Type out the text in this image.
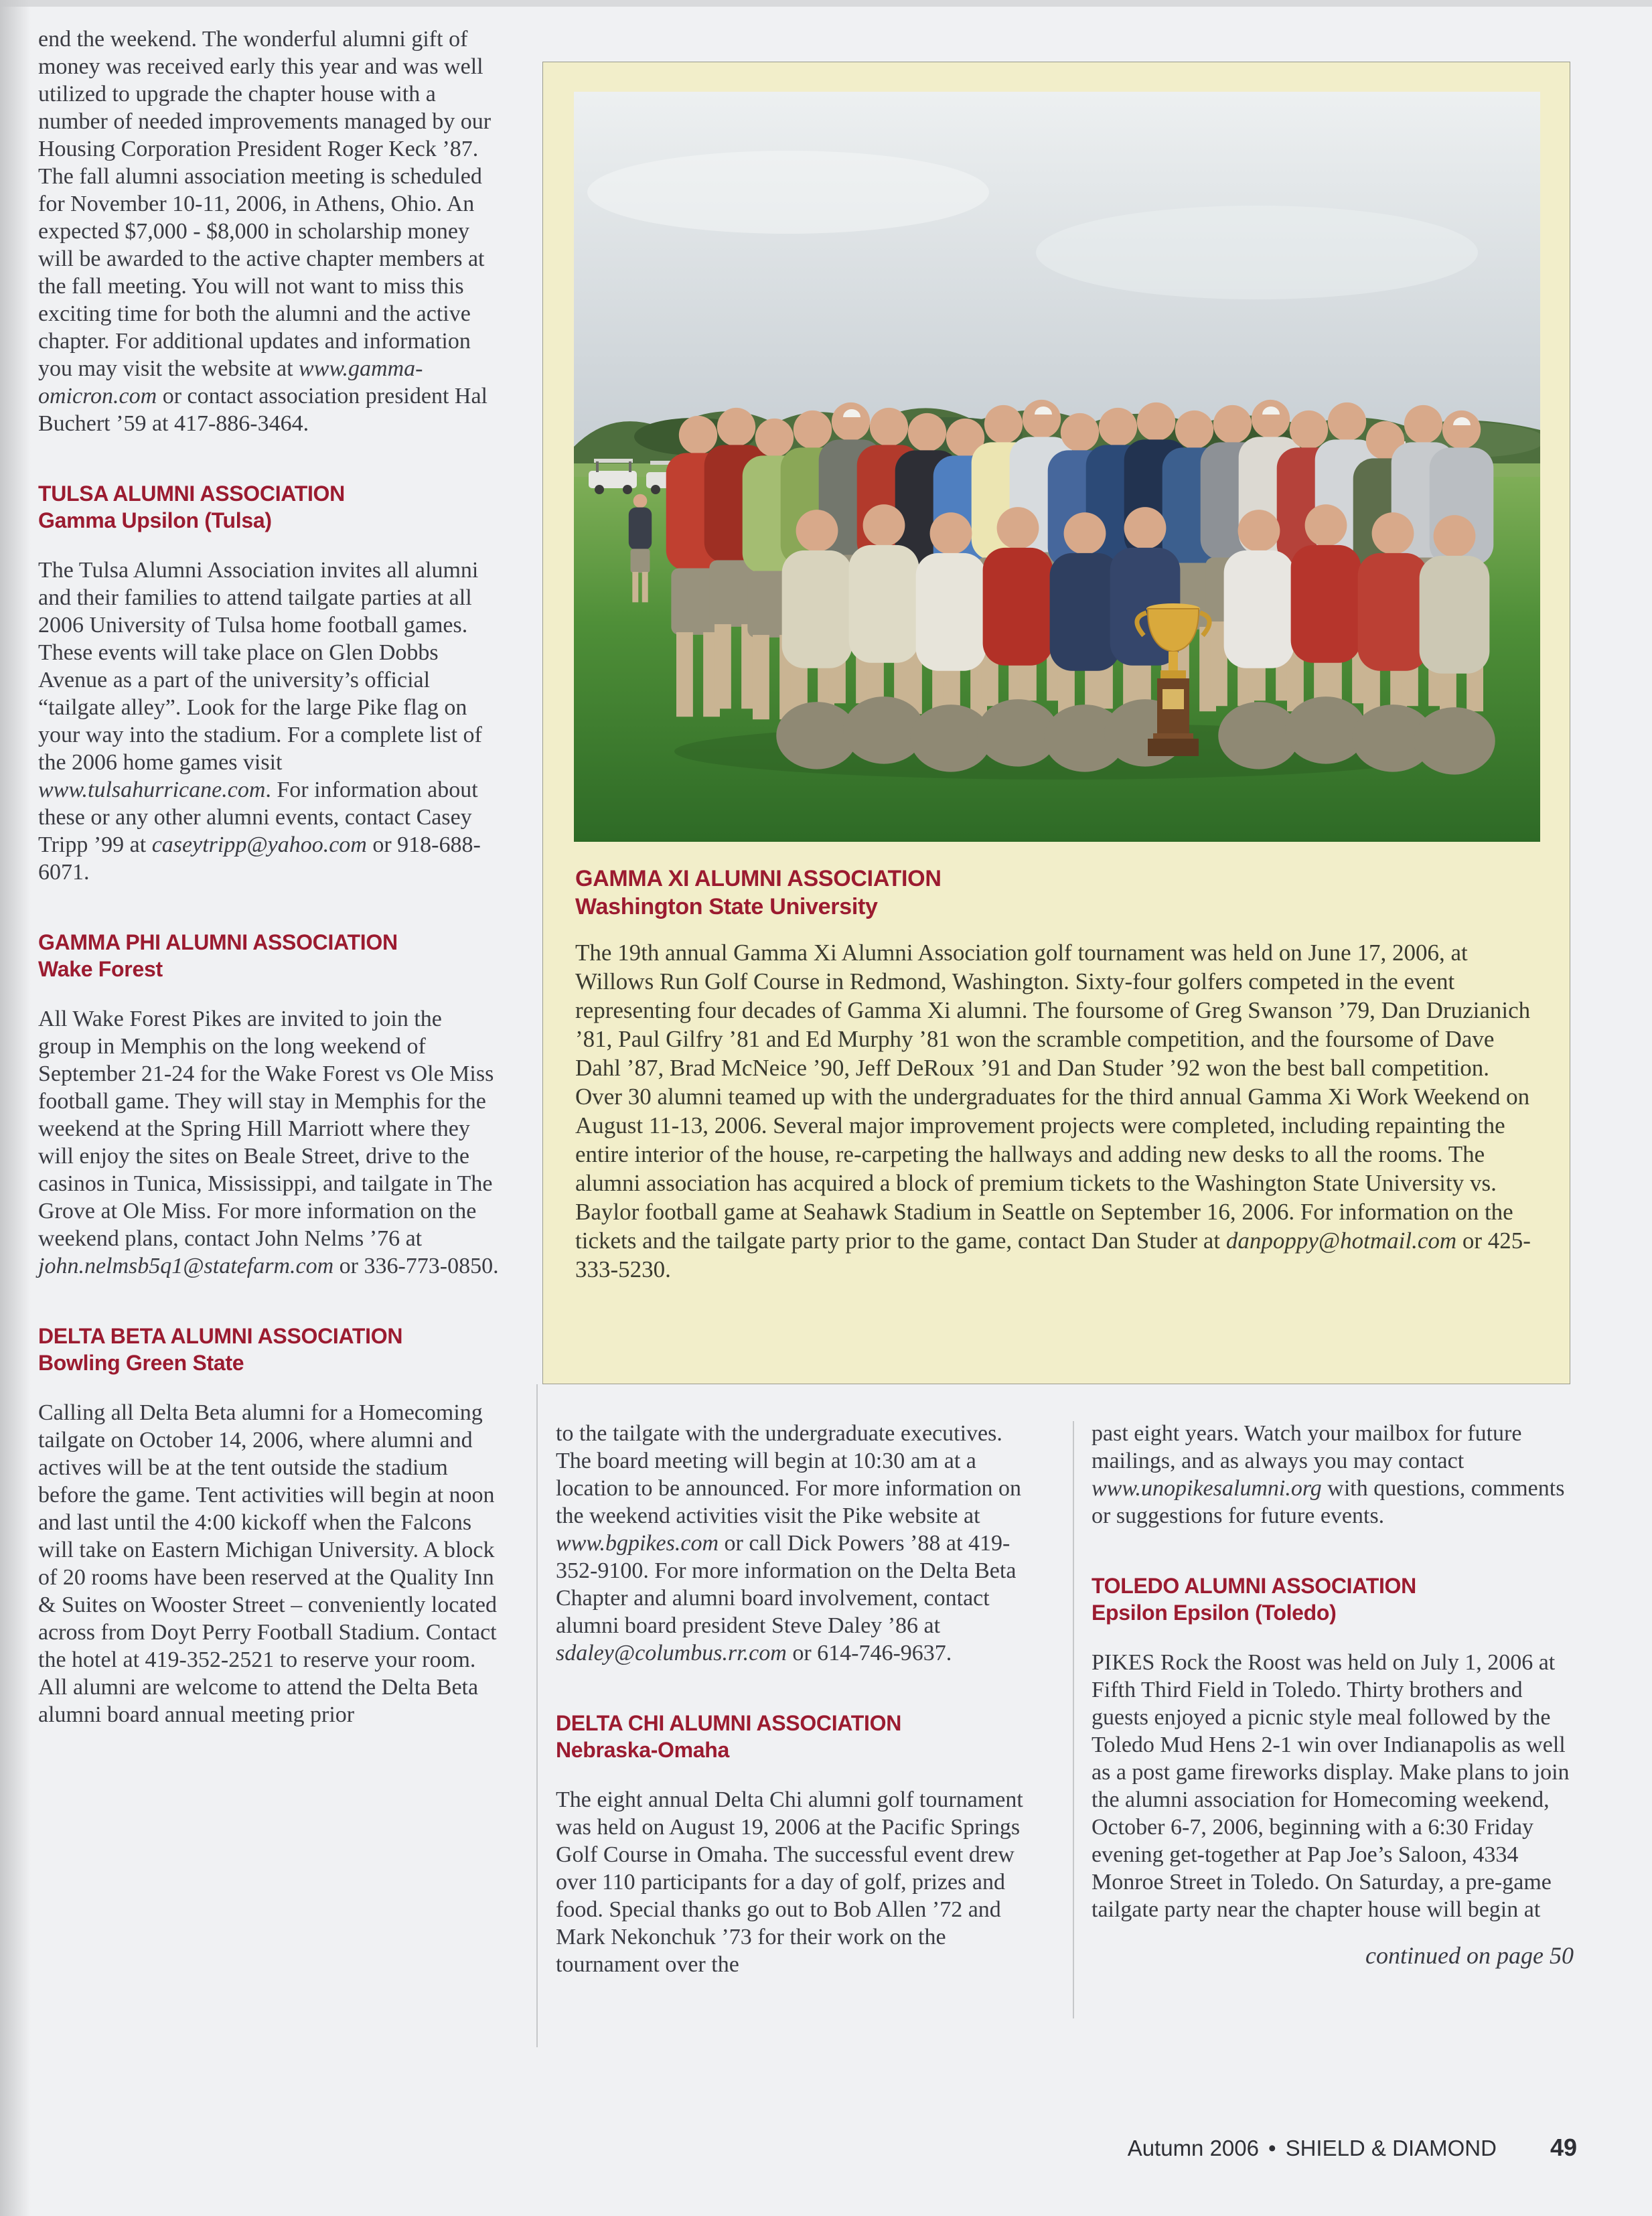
end the weekend. The wonderful alumni gift of money was received early this year and was well utilized to upgrade the chapter house with a number of needed improvements managed by our Housing Corporation President Roger Keck ’87. The fall alumni association meeting is scheduled for November 10-11, 2006, in Athens, Ohio. An expected $7,000 - $8,000 in scholarship money will be awarded to the active chapter members at the fall meeting. You will not want to miss this exciting time for both the alumni and the active chapter. For additional updates and information you may visit the website at www.gamma-omicron.com or contact association president Hal Buchert ’59 at 417-886-3464.

TULSA ALUMNI ASSOCIATION
Gamma Upsilon (Tulsa)

The Tulsa Alumni Association invites all alumni and their families to attend tailgate parties at all 2006 University of Tulsa home football games. These events will take place on Glen Dobbs Avenue as a part of the university’s official “tailgate alley”. Look for the large Pike flag on your way into the stadium. For a complete list of the 2006 home games visit www.tulsahurricane.com. For information about these or any other alumni events, contact Casey Tripp ’99 at caseytripp@yahoo.com or 918-688-6071.

GAMMA PHI ALUMNI ASSOCIATION
Wake Forest

All Wake Forest Pikes are invited to join the group in Memphis on the long weekend of September 21-24 for the Wake Forest vs Ole Miss football game. They will stay in Memphis for the weekend at the Spring Hill Marriott where they will enjoy the sites on Beale Street, drive to the casinos in Tunica, Mississippi, and tailgate in The Grove at Ole Miss. For more information on the weekend plans, contact John Nelms ’76 at john.nelmsb5q1@statefarm.com or 336-773-0850.

DELTA BETA ALUMNI ASSOCIATION
Bowling Green State

Calling all Delta Beta alumni for a Homecoming tailgate on October 14, 2006, where alumni and actives will be at the tent outside the stadium before the game. Tent activities will begin at noon and last until the 4:00 kickoff when the Falcons will take on Eastern Michigan University. A block of 20 rooms have been reserved at the Quality Inn & Suites on Wooster Street – conveniently located across from Doyt Perry Football Stadium. Contact the hotel at 419-352-2521 to reserve your room. All alumni are welcome to attend the Delta Beta alumni board annual meeting prior

GAMMA XI ALUMNI ASSOCIATION
Washington State University

The 19th annual Gamma Xi Alumni Association golf tournament was held on June 17, 2006, at Willows Run Golf Course in Redmond, Washington. Sixty-four golfers competed in the event representing four decades of Gamma Xi alumni. The foursome of Greg Swanson ’79, Dan Druzianich ’81, Paul Gilfry ’81 and Ed Murphy ’81 won the scramble competition, and the foursome of Dave Dahl ’87, Brad McNeice ’90, Jeff DeRoux ’91 and Dan Studer ’92 won the best ball competition. Over 30 alumni teamed up with the undergraduates for the third annual Gamma Xi Work Weekend on August 11-13, 2006. Several major improvement projects were completed, including repainting the entire interior of the house, re-carpeting the hallways and adding new desks to all the rooms. The alumni association has acquired a block of premium tickets to the Washington State University vs. Baylor football game at Seahawk Stadium in Seattle on September 16, 2006. For information on the tickets and the tailgate party prior to the game, contact Dan Studer at danpoppy@hotmail.com or 425-333-5230.

to the tailgate with the undergraduate executives. The board meeting will begin at 10:30 am at a location to be announced. For more information on the weekend activities visit the Pike website at www.bgpikes.com or call Dick Powers ’88 at 419-352-9100. For more information on the Delta Beta Chapter and alumni board involvement, contact alumni board president Steve Daley ’86 at sdaley@columbus.rr.com or 614-746-9637.

DELTA CHI ALUMNI ASSOCIATION
Nebraska-Omaha

The eight annual Delta Chi alumni golf tournament was held on August 19, 2006 at the Pacific Springs Golf Course in Omaha. The successful event drew over 110 participants for a day of golf, prizes and food. Special thanks go out to Bob Allen ’72 and Mark Nekonchuk ’73 for their work on the tournament over the

past eight years. Watch your mailbox for future mailings, and as always you may contact www.unopikesalumni.org with questions, comments or suggestions for future events.

TOLEDO ALUMNI ASSOCIATION
Epsilon Epsilon (Toledo)

PIKES Rock the Roost was held on July 1, 2006 at Fifth Third Field in Toledo. Thirty brothers and guests enjoyed a picnic style meal followed by the Toledo Mud Hens 2-1 win over Indianapolis as well as a post game fireworks display. Make plans to join the alumni association for Homecoming weekend, October 6-7, 2006, beginning with a 6:30 Friday evening get-together at Pap Joe’s Saloon, 4334 Monroe Street in Toledo. On Saturday, a pre-game tailgate party near the chapter house will begin at

continued on page 50
Autumn 2006 • SHIELD & DIAMOND 49
